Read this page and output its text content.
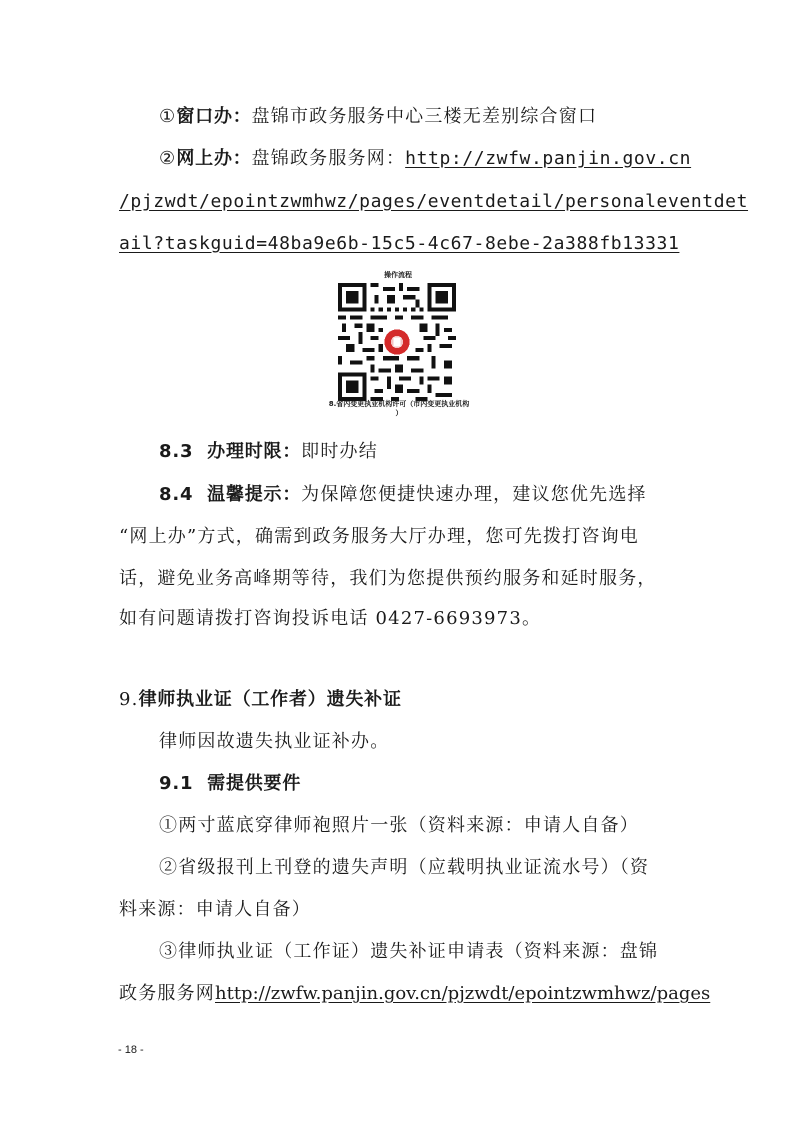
①窗口办：盘锦市政务服务中心三楼无差别综合窗口
②网上办：盘锦政务服务网：http://zwfw.panjin.gov.cn
/pjzwdt/epointzwmhwz/pages/eventdetail/personaleventdet
ail?taskguid=48ba9e6b-15c5-4c67-8ebe-2a388fb13331
操作流程
8.省内变更执业机构许可（市内变更执业机构
）
8.3 办理时限：即时办结
8.4 温馨提示：为保障您便捷快速办理，建议您优先选择
“网上办”方式，确需到政务服务大厅办理，您可先拨打咨询电
话，避免业务高峰期等待，我们为您提供预约服务和延时服务，
如有问题请拨打咨询投诉电话 0427-6693973。
9.律师执业证（工作者）遗失补证
律师因故遗失执业证补办。
9.1 需提供要件
①两寸蓝底穿律师袍照片一张（资料来源：申请人自备）
②省级报刊上刊登的遗失声明（应载明执业证流水号）（资
料来源：申请人自备）
③律师执业证（工作证）遗失补证申请表（资料来源：盘锦
政务服务网http://zwfw.panjin.gov.cn/pjzwdt/epointzwmhwz/pages
- 18 -
